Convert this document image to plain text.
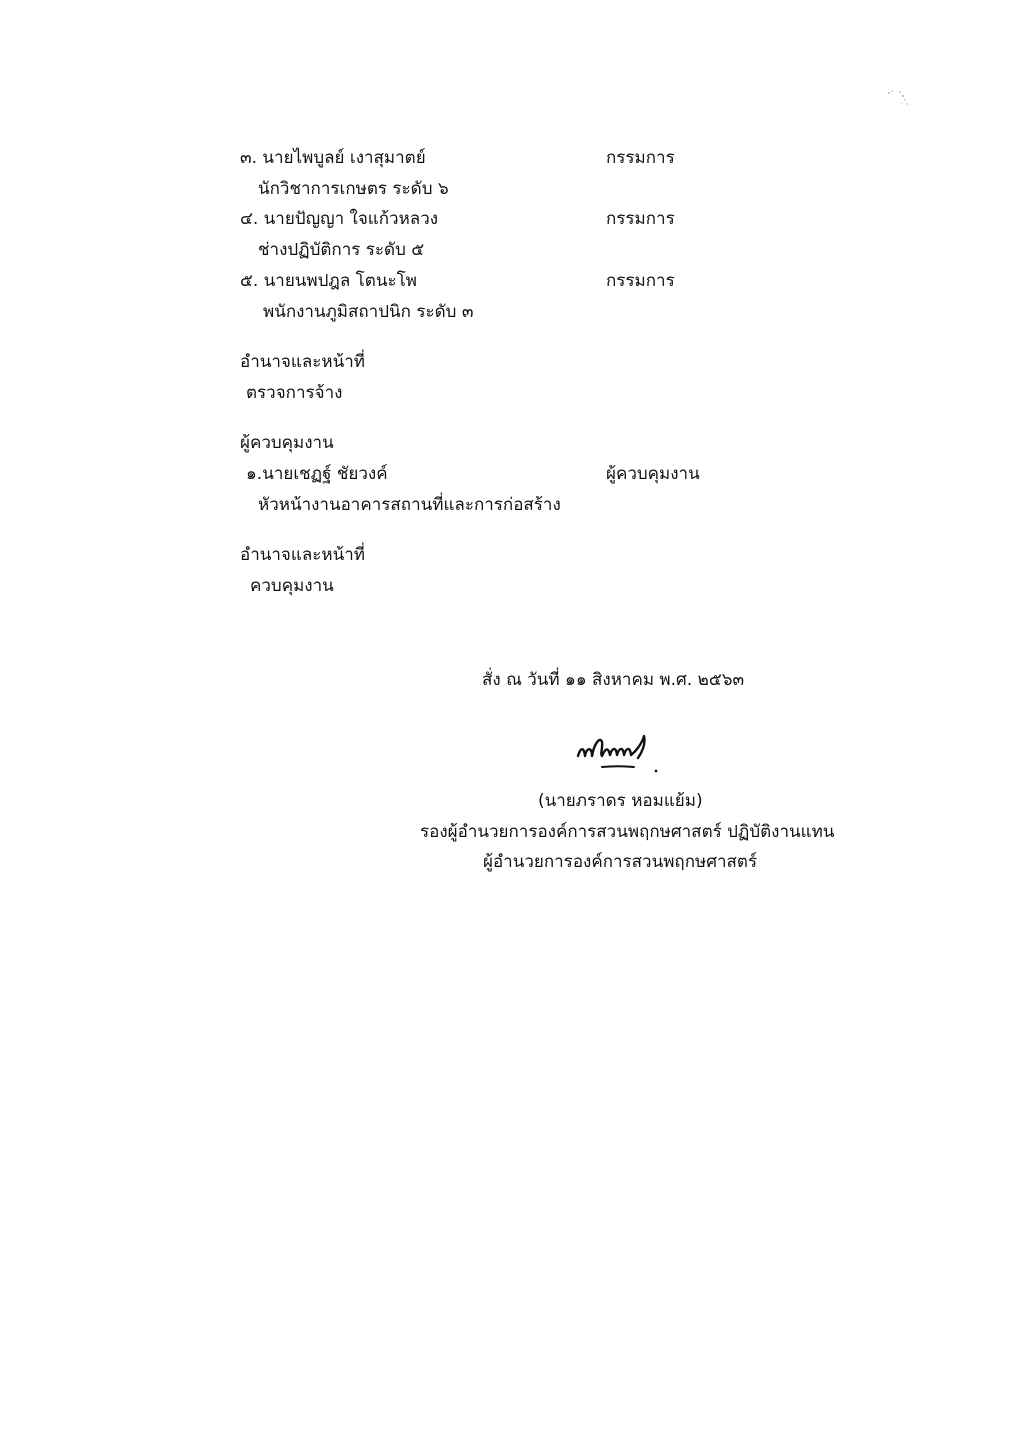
๓. นายไพบูลย์ เงาสุมาตย์	กรรมการ
นักวิชาการเกษตร ระดับ ๖
๔. นายปัญญา ใจแก้วหลวง	กรรมการ
ช่างปฏิบัติการ ระดับ ๕
๕. นายนพปฎล โตนะโพ	กรรมการ
พนักงานภูมิสถาปนิก ระดับ ๓
อำนาจและหน้าที่
ตรวจการจ้าง
ผู้ควบคุมงาน
๑.นายเชฏฐ์ ชัยวงค์	ผู้ควบคุมงาน
หัวหน้างานอาคารสถานที่และการก่อสร้าง
อำนาจและหน้าที่
ควบคุมงาน
สั่ง ณ วันที่ ๑๑ สิงหาคม พ.ศ. ๒๕๖๓
(นายภราดร หอมแย้ม)
รองผู้อำนวยการองค์การสวนพฤกษศาสตร์ ปฏิบัติงานแทน
ผู้อำนวยการองค์การสวนพฤกษศาสตร์
